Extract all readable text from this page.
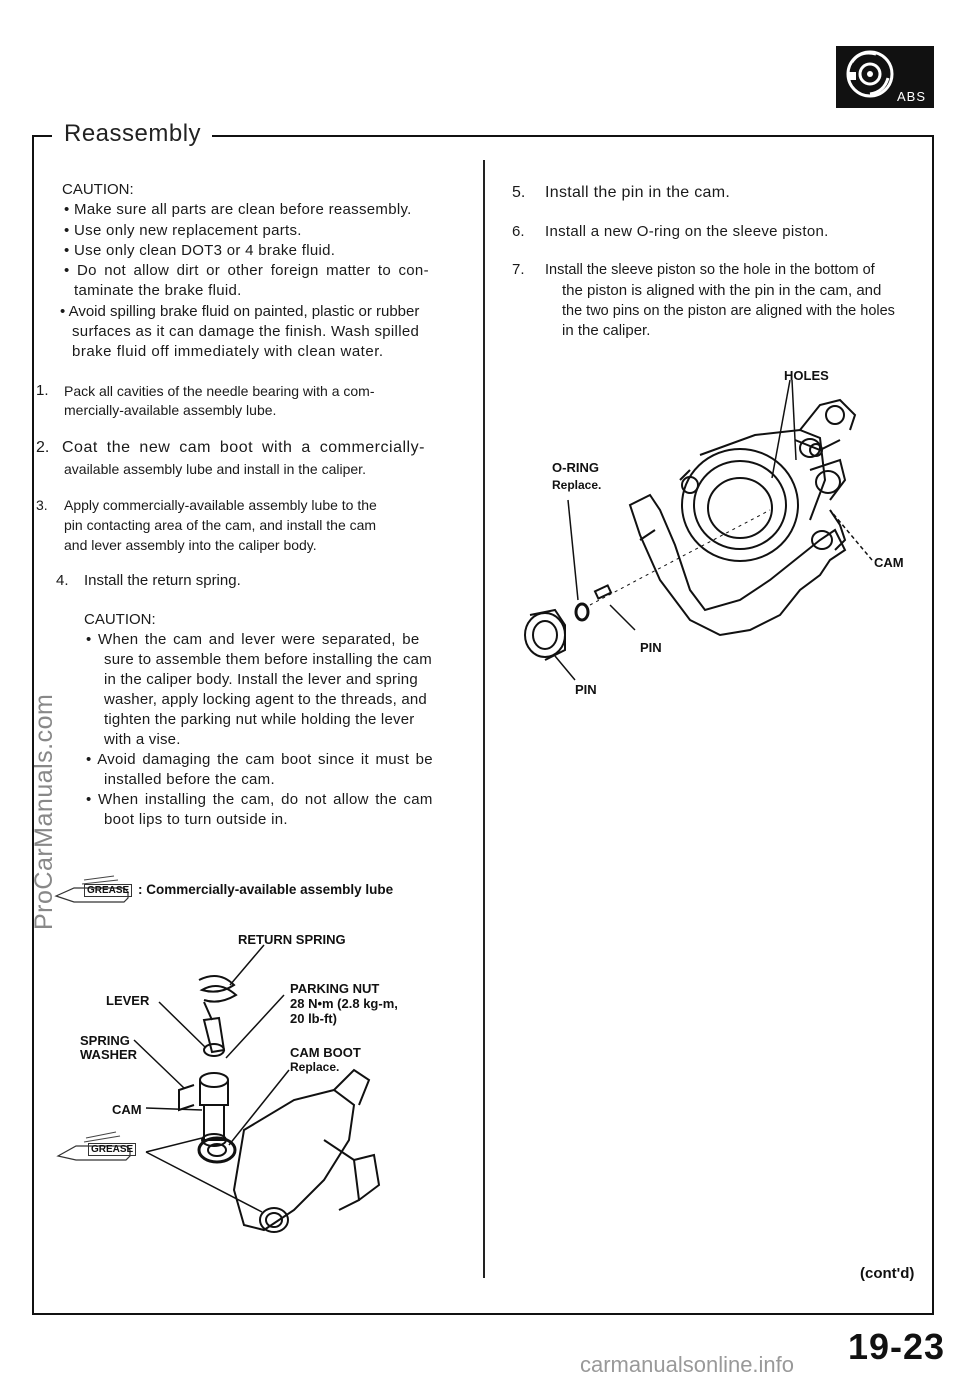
ABS
Reassembly
CAUTION:
• Make sure all parts are clean before reassembly.
• Use only new replacement parts.
• Use only clean DOT3 or 4 brake fluid.
• Do not allow dirt or other foreign matter to con-
taminate the brake fluid.
• Avoid spilling brake fluid on painted, plastic or rubber
surfaces as it can damage the finish. Wash spilled
brake fluid off immediately with clean water.
1. Pack all cavities of the needle bearing with a com-
mercially-available assembly lube.
2. Coat the new cam boot with a commercially-
available assembly lube and install in the caliper.
3. Apply commercially-available assembly lube to the
pin contacting area of the cam, and install the cam
and lever assembly into the caliper body.
4. Install the return spring.
CAUTION:
• When the cam and lever were separated, be
sure to assemble them before installing the cam
in the caliper body. Install the lever and spring
washer, apply locking agent to the threads, and
tighten the parking nut while holding the lever
with a vise.
• Avoid damaging the cam boot since it must be
installed before the cam.
• When installing the cam, do not allow the cam
boot lips to turn outside in.
5. Install the pin in the cam.
6. Install a new O-ring on the sleeve piston.
7. Install the sleeve piston so the hole in the bottom of
the piston is aligned with the pin in the cam, and
the two pins on the piston are aligned with the holes
in the caliper.
HOLES
O-RING
Replace.
CAM
PIN
PIN
GREASE : Commercially-available assembly lube
RETURN SPRING
LEVER
PARKING NUT
28 N•m (2.8 kg-m,
20 lb-ft)
SPRING
WASHER	CAM BOOT
Replace.
CAM
GREASE
(cont'd)
19-23
ProCarManuals.com
carmanualsonline.info
